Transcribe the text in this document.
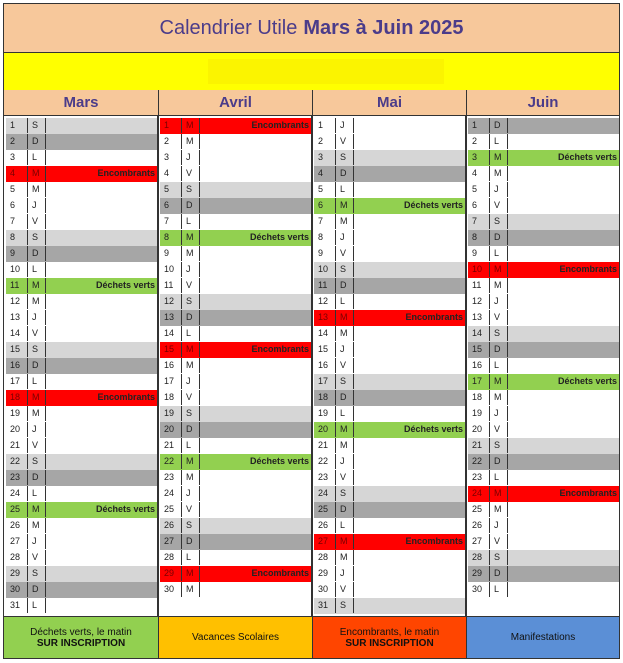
Calendrier Utile Mars à Juin 2025
Mars	Avril	Mai	Juin
1	S
2	D
3	L
4	M	Encombrants
5	M
6	J
7	V
8	S
9	D
10	L
11	M	Déchets verts
12	M
13	J
14	V
15	S
16	D
17	L
18	M	Encombrants
19	M
20	J
21	V
22	S
23	D
24	L
25	M	Déchets verts
26	M
27	J
28	V
29	S
30	D
31	L
1	M	Encombrants
2	M
3	J
4	V
5	S
6	D
7	L
8	M	Déchets verts
9	M
10	J
11	V
12	S
13	D
14	L
15	M	Encombrants
16	M
17	J
18	V
19	S
20	D
21	L
22	M	Déchets verts
23	M
24	J
25	V
26	S
27	D
28	L
29	M	Encombrants
30	M
1	J
2	V
3	S
4	D
5	L
6	M	Déchets verts
7	M
8	J
9	V
10	S
11	D
12	L
13	M	Encombrants
14	M
15	J
16	V
17	S
18	D
19	L
20	M	Déchets verts
21	M
22	J
23	V
24	S
25	D
26	L
27	M	Encombrants
28	M
29	J
30	V
31	S
1	D
2	L
3	M	Déchets verts
4	M
5	J
6	V
7	S
8	D
9	L
10	M	Encombrants
11	M
12	J
13	V
14	S
15	D
16	L
17	M	Déchets verts
18	M
19	J
20	V
21	S
22	D
23	L
24	M	Encombrants
25	M
26	J
27	V
28	S
29	D
30	L
Déchets verts, le matin
SUR INSCRIPTION	Vacances Scolaires	Encombrants, le matin
SUR INSCRIPTION	Manifestations
